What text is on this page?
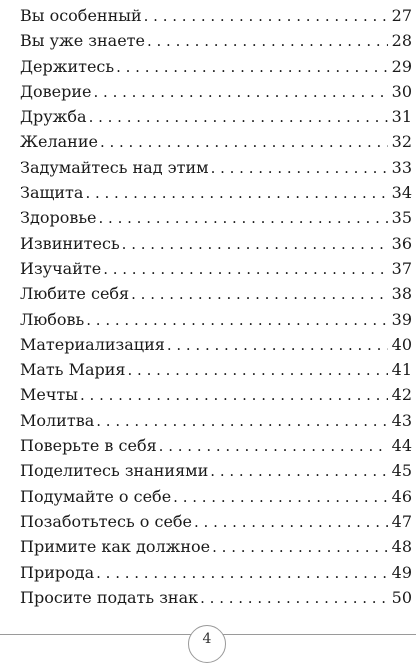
Вы особенный . . .	27
Вы уже знаете . . .	28
Держитесь . . .	29
Доверие . . .	30
Дружба . . .	31
Желание . . .	32
Задумайтесь над этим . . .	33
Защита . . .	34
Здоровье . . .	35
Извинитесь . . .	36
Изучайте . . .	37
Любите себя . . .	38
Любовь . . .	39
Материализация . . .	40
Мать Мария . . .	41
Мечты . . .	42
Молитва . . .	43
Поверьте в себя . . .	44
Поделитесь знаниями . . .	45
Подумайте о себе . . .	46
Позаботьтесь о себе . . .	47
Примите как должное . . .	48
Природа . . .	49
Просите подать знак . . .	50
4
